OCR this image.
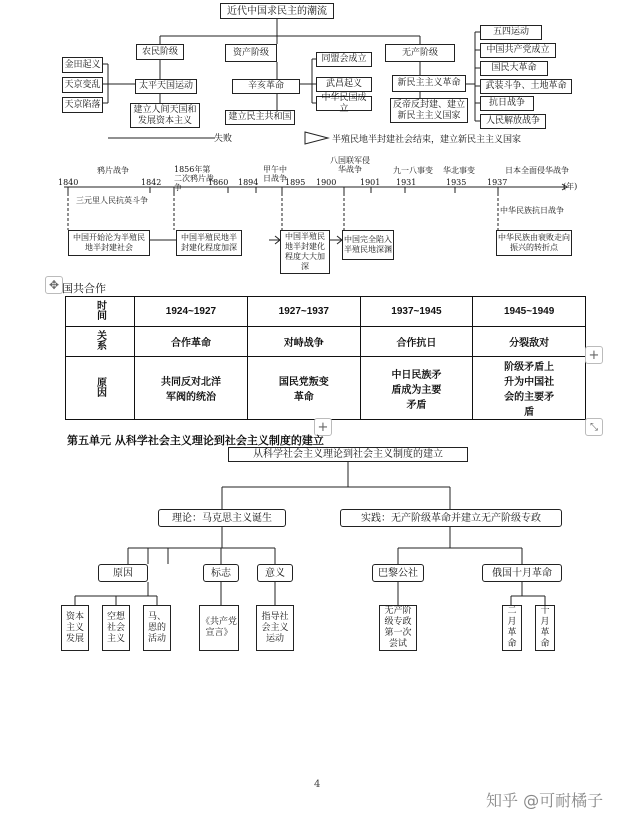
近代中国求民主的潮流
农民阶级	资产阶级	无产阶级
金田起义
天京变乱
天京陷落
太平天国运动
建立人间天国和发展资本主义
辛亥革命
建立民主共和国
同盟会成立
武昌起义
中华民国成立
新民主主义革命
反帝反封建、建立新民主主义国家
五四运动
中国共产党成立
国民大革命
武装斗争、土地革命
抗日战争
人民解放战争
失败	半殖民地半封建社会结束，建立新民主主义国家
1840	1842	1860 1894	1895 1900	1901 1931	1935	1937	(年)
鸦片战争	1856年第二次鸦片战争
甲午中日战争
八国联军侵华战争	九一八事变 华北事变	日本全面侵华战争
三元里人民抗英斗争
中华民族抗日战争
中国开始沦为半殖民地半封建社会
中国半殖民地半封建化程度加深
中国半殖民地半封建化程度大大加深
中国完全陷入半殖民地深渊
中华民族由衰败走向振兴的转折点
✥ 国共合作
时间	1924~1927	1927~1937	1937~1945	1945~1949
关系	合作革命	对峙战争	合作抗日	分裂敌对
原因	共同反对北洋军阀的统治	国民党叛变革命	中日民族矛盾成为主要矛盾	阶级矛盾上升为中国社会的主要矛盾
+
+	⤡
第五单元 从科学社会主义理论到社会主义制度的建立
从科学社会主义理论到社会主义制度的建立
理论：马克思主义诞生	实践：无产阶级革命并建立无产阶级专政
原因	标志	意义	巴黎公社	俄国十月革命
资本主义发展
空想社会主义
马、恩的活动
《共产党宣言》
指导社会主义运动
无产阶级专政第一次尝试
二月革命
十月革命
4
知乎 @可耐橘子
